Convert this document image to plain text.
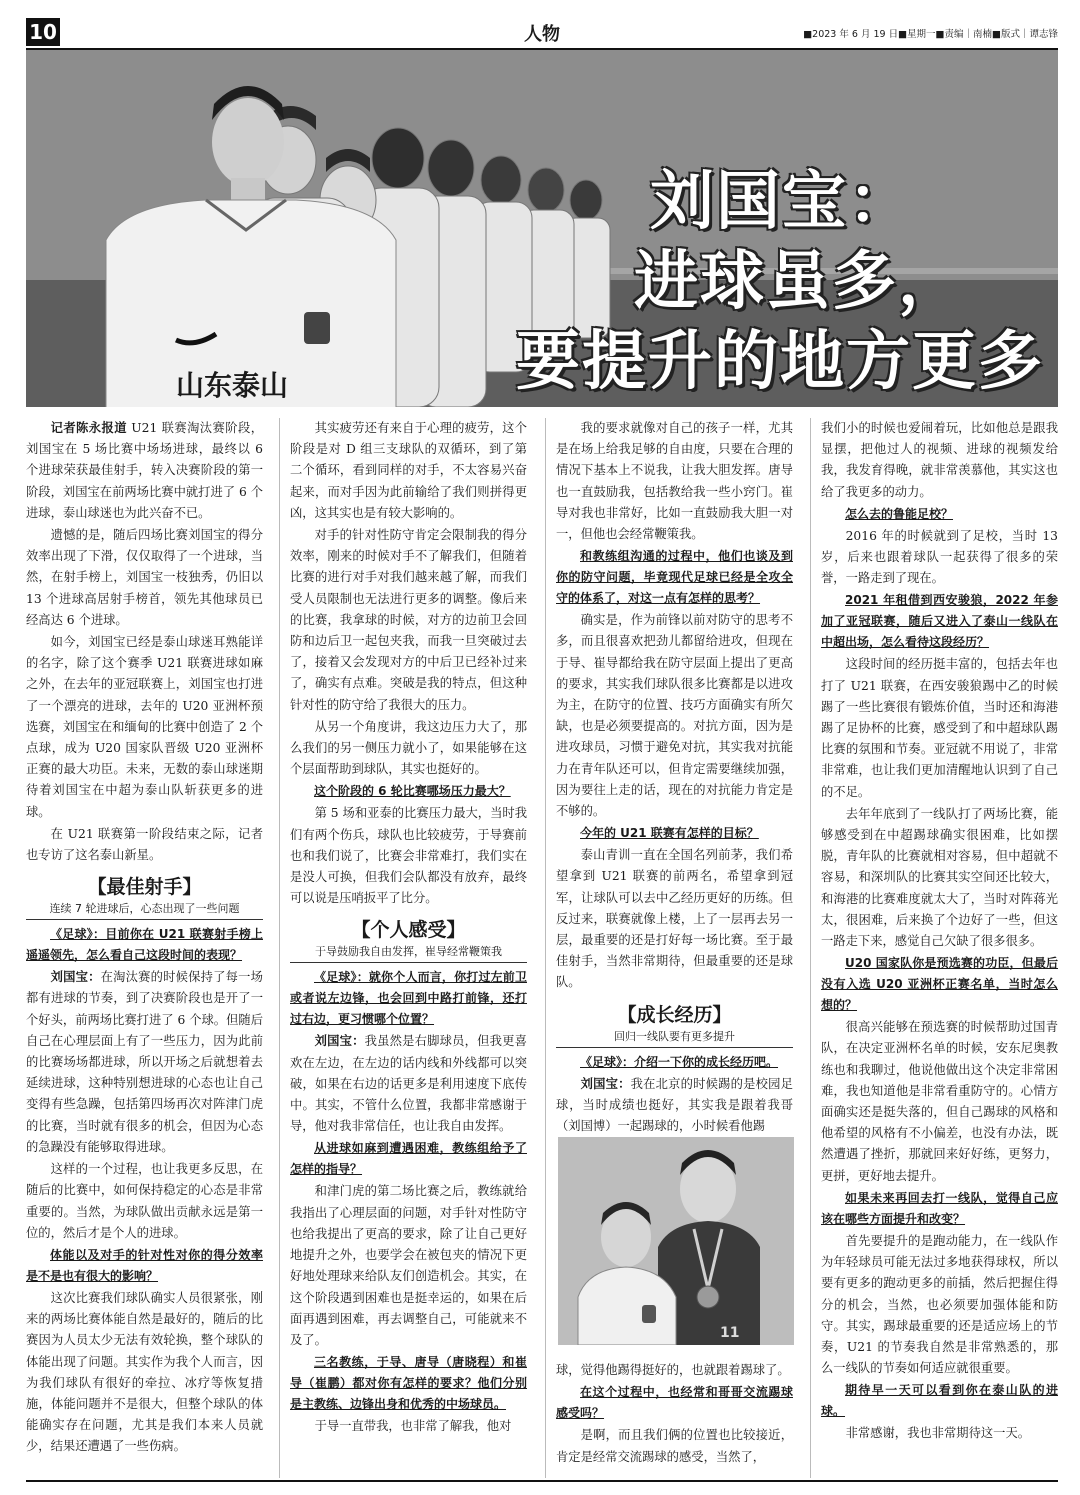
10	人物	■2023 年 6 月 19 日■星期一■责编｜南楠■版式｜谭志锋
山东泰山
刘国宝：
进球虽多，
要提升的地方更多

记者陈永报道 U21 联赛淘汰赛阶段，刘国宝在 5 场比赛中场场进球，最终以 6 个进球荣获最佳射手，转入决赛阶段的第一阶段，刘国宝在前两场比赛中就打进了 6 个进球，泰山球迷也为此兴奋不已。

遗憾的是，随后四场比赛刘国宝的得分效率出现了下滑，仅仅取得了一个进球，当然，在射手榜上，刘国宝一枝独秀，仍旧以 13 个进球高居射手榜首，领先其他球员已经高达 6 个进球。

如今，刘国宝已经是泰山球迷耳熟能详的名字，除了这个赛季 U21 联赛进球如麻之外，在去年的亚冠联赛上，刘国宝也打进了一个漂亮的进球，去年的 U20 亚洲杯预选赛，刘国宝在和缅甸的比赛中创造了 2 个点球，成为 U20 国家队晋级 U20 亚洲杯正赛的最大功臣。未来，无数的泰山球迷期待着刘国宝在中超为泰山队斩获更多的进球。

在 U21 联赛第一阶段结束之际，记者也专访了这名泰山新星。

【最佳射手】
连续 7 轮进球后，心态出现了一些问题

《足球》：目前你在 U21 联赛射手榜上遥遥领先，怎么看自己这段时间的表现？

刘国宝：在淘汰赛的时候保持了每一场都有进球的节奏，到了决赛阶段也是开了一个好头，前两场比赛打进了 6 个球。但随后自己在心理层面上有了一些压力，因为此前的比赛场场都进球，所以开场之后就想着去延续进球，这种特别想进球的心态也让自己变得有些急躁，包括第四场再次对阵津门虎的比赛，当时就有很多的机会，但因为心态的急躁没有能够取得进球。

这样的一个过程，也让我更多反思，在随后的比赛中，如何保持稳定的心态是非常重要的。当然，为球队做出贡献永远是第一位的，然后才是个人的进球。

体能以及对手的针对性对你的得分效率是不是也有很大的影响？

这次比赛我们球队确实人员很紧张，刚来的两场比赛体能自然是最好的，随后的比赛因为人员太少无法有效轮换，整个球队的体能出现了问题。其实作为我个人而言，因为我们球队有很好的牵拉、冰疗等恢复措施，体能问题并不是很大，但整个球队的体能确实存在问题，尤其是我们本来人员就少，结果还遭遇了一些伤病。

其实疲劳还有来自于心理的疲劳，这个阶段是对 D 组三支球队的双循环，到了第二个循环，看到同样的对手，不太容易兴奋起来，而对手因为此前输给了我们则拼得更凶，这其实也是有较大影响的。

对手的针对性防守肯定会限制我的得分效率，刚来的时候对手不了解我们，但随着比赛的进行对手对我们越来越了解，而我们受人员限制也无法进行更多的调整。像后来的比赛，我拿球的时候，对方的边前卫会回防和边后卫一起包夹我，而我一旦突破过去了，接着又会发现对方的中后卫已经补过来了，确实有点难。突破是我的特点，但这种针对性的防守给了我很大的压力。

从另一个角度讲，我这边压力大了，那么我们的另一侧压力就小了，如果能够在这个层面帮助到球队，其实也挺好的。

这个阶段的 6 轮比赛哪场压力最大？

第 5 场和亚泰的比赛压力最大，当时我们有两个伤兵，球队也比较疲劳，于导赛前也和我们说了，比赛会非常难打，我们实在是没人可换，但我们会队都没有放弃，最终可以说是压哨扳平了比分。

【个人感受】
于导鼓励我自由发挥，崔导经常鞭策我

《足球》：就你个人而言，你打过左前卫或者说左边锋，也会回到中路打前锋，还打过右边，更习惯哪个位置？

刘国宝：我虽然是右脚球员，但我更喜欢在左边，在左边的话内线和外线都可以突破，如果在右边的话更多是利用速度下底传中。其实，不管什么位置，我都非常感谢于导，他对我非常信任，也让我自由发挥。

从进球如麻到遭遇困难，教练组给予了怎样的指导？

和津门虎的第二场比赛之后，教练就给我指出了心理层面的问题，对手针对性防守也给我提出了更高的要求，除了让自己更好地提升之外，也要学会在被包夹的情况下更好地处理球来给队友们创造机会。其实，在这个阶段遇到困难也是挺幸运的，如果在后面再遇到困难，再去调整自己，可能就来不及了。

三名教练，于导、唐导（唐晓程）和崔导（崔鹏）都对你有怎样的要求？他们分别是主教练、边锋出身和优秀的中场球员。

于导一直带我，也非常了解我，他对

我的要求就像对自己的孩子一样，尤其是在场上给我足够的自由度，只要在合理的情况下基本上不说我，让我大胆发挥。唐导也一直鼓励我，包括教给我一些小窍门。崔导对我也非常好，比如一直鼓励我大胆一对一，但他也会经常鞭策我。

和教练组沟通的过程中，他们也谈及到你的防守问题，毕竟现代足球已经是全攻全守的体系了，对这一点有怎样的思考？

确实是，作为前锋以前对防守的思考不多，而且很喜欢把劲儿都留给进攻，但现在于导、崔导都给我在防守层面上提出了更高的要求，其实我们球队很多比赛都是以进攻为主，在防守的位置、技巧方面确实有所欠缺，也是必须要提高的。对抗方面，因为是进攻球员，习惯于避免对抗，其实我对抗能力在青年队还可以，但肯定需要继续加强，因为要往上走的话，现在的对抗能力肯定是不够的。

今年的 U21 联赛有怎样的目标？

泰山青训一直在全国名列前茅，我们希望拿到 U21 联赛的前两名，希望拿到冠军，让球队可以去中乙经历更好的历练。但反过来，联赛就像上楼，上了一层再去另一层，最重要的还是打好每一场比赛。至于最佳射手，当然非常期待，但最重要的还是球队。

【成长经历】
回归一线队要有更多提升

《足球》：介绍一下你的成长经历吧。

刘国宝：我在北京的时候踢的是校园足球，当时成绩也挺好，其实我是跟着我哥（刘国博）一起踢球的，小时候看他踢

球，觉得他踢得挺好的，也就跟着踢球了。

在这个过程中，也经常和哥哥交流踢球感受吗？

是啊，而且我们俩的位置也比较接近，肯定是经常交流踢球的感受，当然了，

我们小的时候也爱闹着玩，比如他总是跟我显摆，把他过人的视频、进球的视频发给我，我发育得晚，就非常羡慕他，其实这也给了我更多的动力。

怎么去的鲁能足校？

2016 年的时候就到了足校，当时 13 岁，后来也跟着球队一起获得了很多的荣誉，一路走到了现在。

2021 年租借到西安骏狼，2022 年参加了亚冠联赛，随后又进入了泰山一线队在中超出场，怎么看待这段经历？

这段时间的经历挺丰富的，包括去年也打了 U21 联赛，在西安骏狼踢中乙的时候踢了一些比赛很有锻炼价值，当时还和海港踢了足协杯的比赛，感受到了和中超球队踢比赛的氛围和节奏。亚冠就不用说了，非常非常难，也让我们更加清醒地认识到了自己的不足。

去年年底到了一线队打了两场比赛，能够感受到在中超踢球确实很困难，比如摆脱，青年队的比赛就相对容易，但中超就不容易，和深圳队的比赛其实空间还比较大，和海港的比赛难度就太大了，当时对阵蒋光太，很困难，后来换了个边好了一些，但这一路走下来，感觉自己欠缺了很多很多。

U20 国家队你是预选赛的功臣，但最后没有入选 U20 亚洲杯正赛名单，当时怎么想的？

很高兴能够在预选赛的时候帮助过国青队，在决定亚洲杯名单的时候，安东尼奥教练也和我聊过，他说他做出这个决定非常困难，我也知道他是非常看重防守的。心情方面确实还是挺失落的，但自己踢球的风格和他希望的风格有不小偏差，也没有办法，既然遭遇了挫折，那就回来好好练，更努力，更拼，更好地去提升。

如果未来再回去打一线队，觉得自己应该在哪些方面提升和改变？

首先要提升的是跑动能力，在一线队作为年轻球员可能无法过多地获得球权，所以要有更多的跑动更多的前插，然后把握住得分的机会，当然，也必须要加强体能和防守。其实，踢球最重要的还是适应场上的节奏，U21 的节奏我自然是非常熟悉的，那么一线队的节奏如何适应就很重要。

期待早一天可以看到你在泰山队的进球。

非常感谢，我也非常期待这一天。

11
